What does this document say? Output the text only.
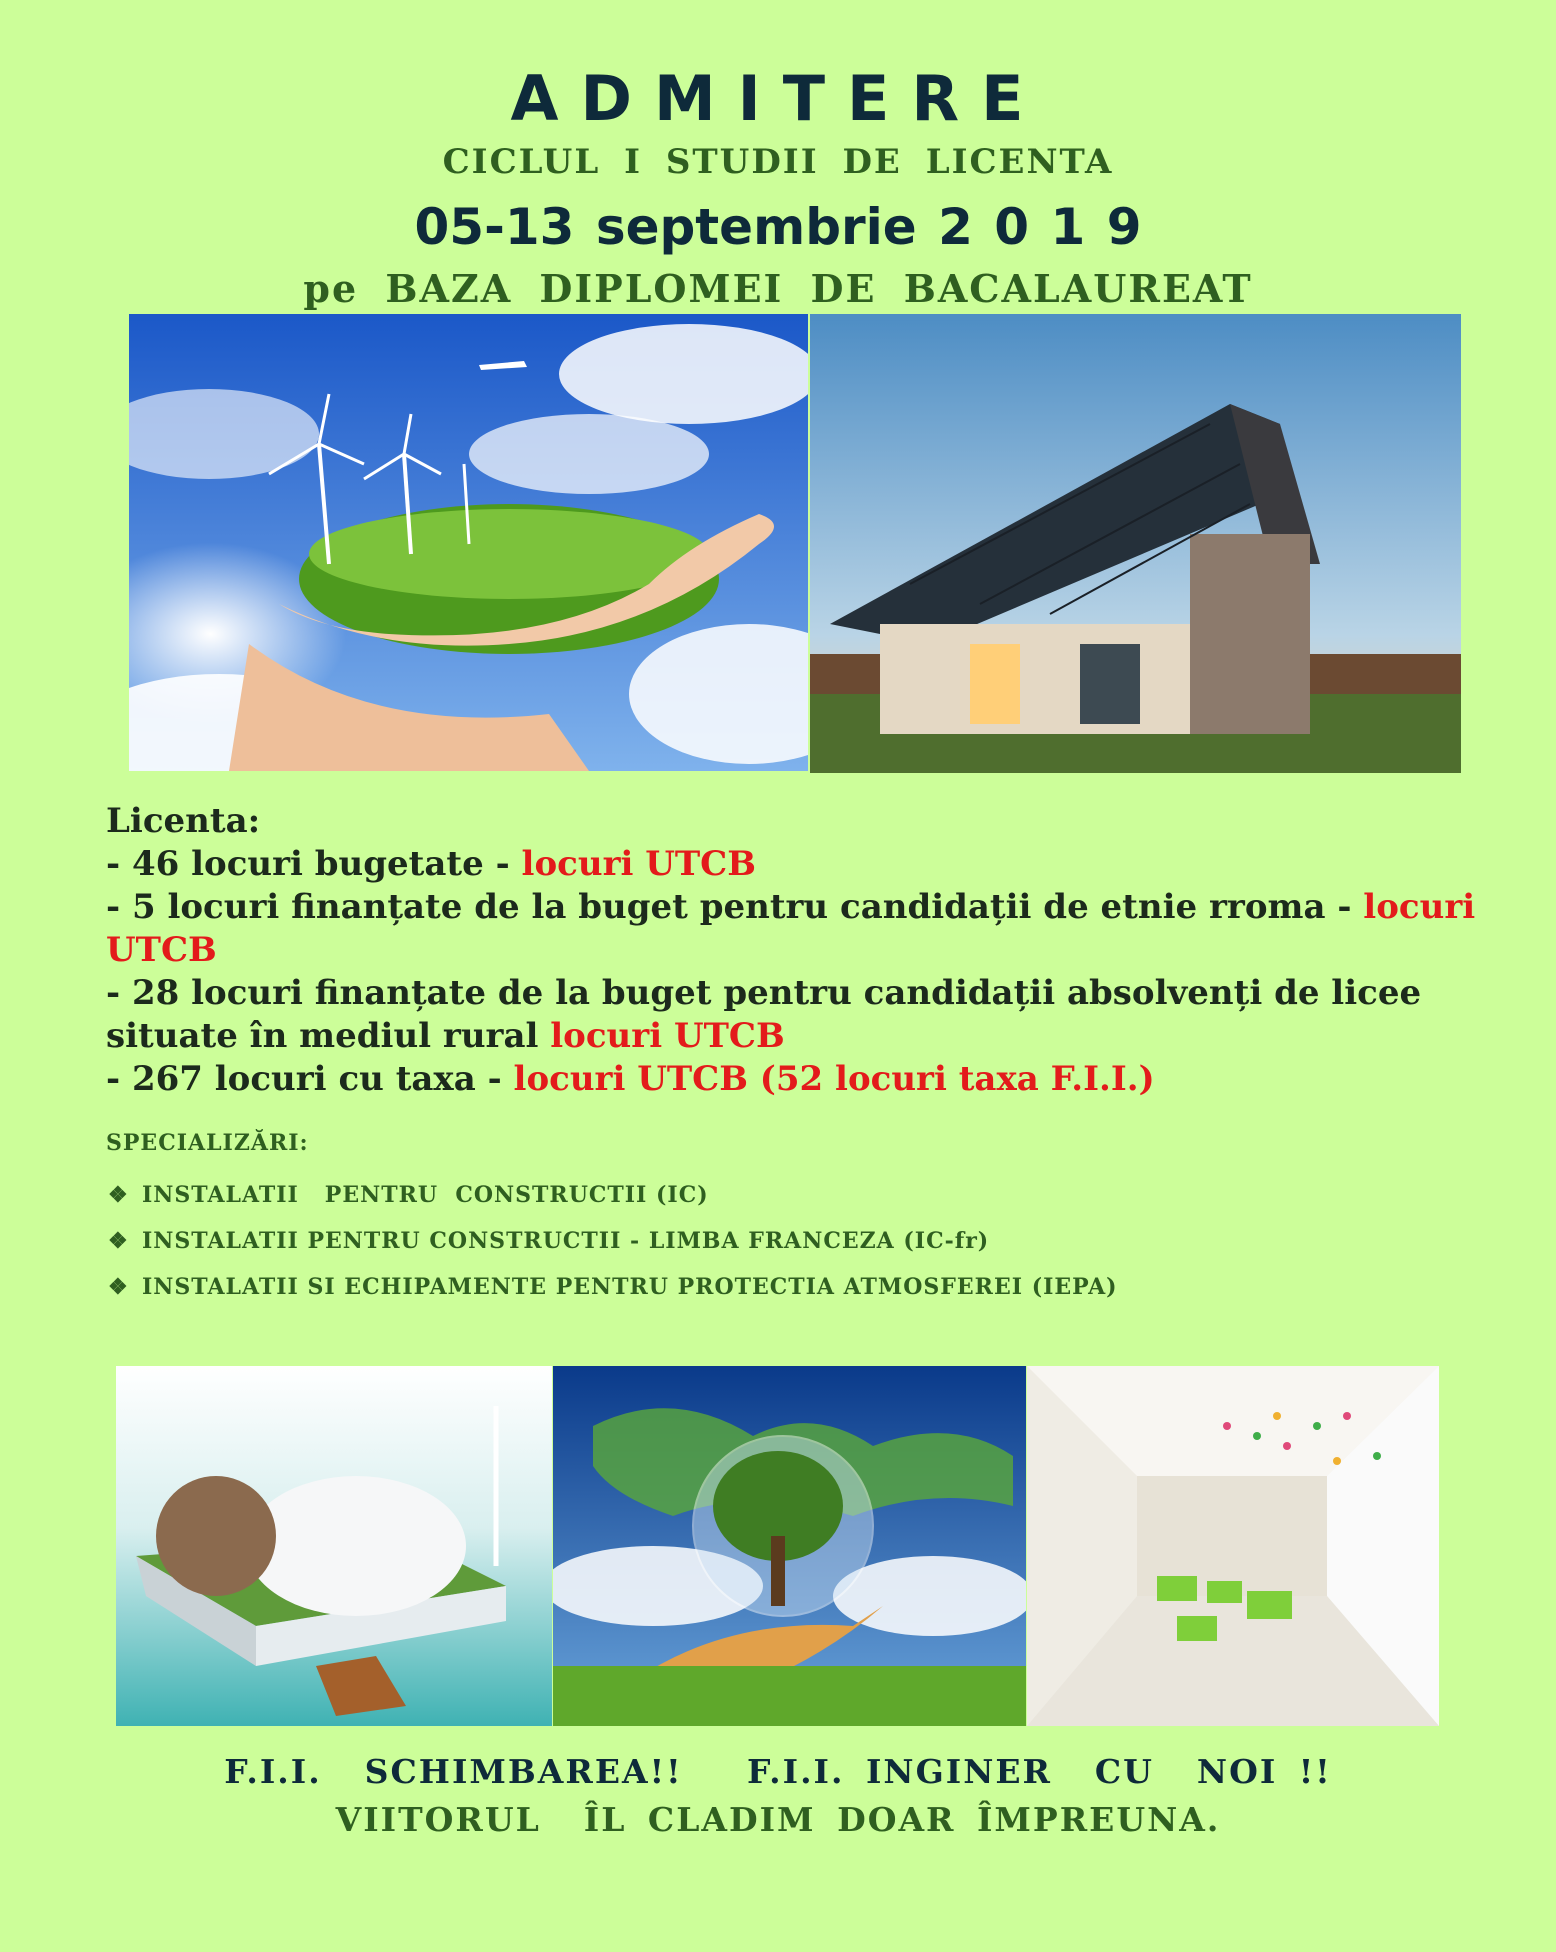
ADMITERE
CICLUL I STUDII DE LICENTA
05-13 septembrie 2 0 1 9
pe BAZA DIPLOMEI DE BACALAUREAT

Licenta:

- 46 locuri bugetate - locuri UTCB

- 5 locuri finanțate de la buget pentru candidații de etnie rroma - locuri UTCB

- 28 locuri finanțate de la buget pentru candidații absolvenți de licee situate în mediul rural locuri UTCB

- 267 locuri cu taxa - locuri UTCB (52 locuri taxa F.I.I.)

SPECIALIZĂRI:
❖ INSTALATII   PENTRU  CONSTRUCTII (IC)
❖ INSTALATII PENTRU CONSTRUCTII - LIMBA FRANCEZA (IC-fr)
❖ INSTALATII SI ECHIPAMENTE PENTRU PROTECTIA ATMOSFEREI (IEPA)
F.I.I.  SCHIMBAREA!!   F.I.I. INGINER  CU  NOI !!
VIITORUL  ÎL CLADIM DOAR ÎMPREUNA.
